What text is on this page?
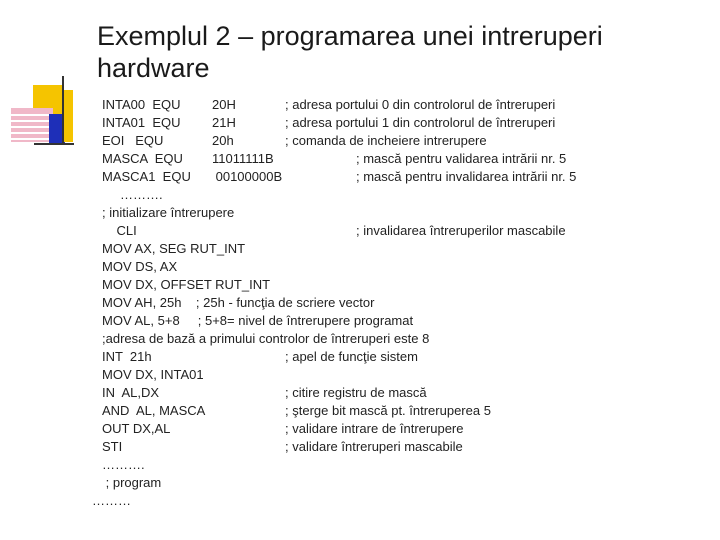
Exemplul 2 – programarea unei intreruperi hardware
INTA00  EQU 20H	; adresa portului 0 din controlorul de întreruperi
INTA01  EQU 21H	; adresa portului 1 din controlorul de întreruperi
EOI   EQU	20h	; comanda de incheiere intrerupere
MASCA  EQU 11011111B	; mască pentru validarea intrării nr. 5
MASCA1  EQU 00100000B	; mască pentru invalidarea intrării nr. 5
……….
; initializare întrerupere
CLI	; invalidarea întreruperilor mascabile
MOV AX, SEG RUT_INT
MOV DS, AX
MOV DX, OFFSET RUT_INT
MOV AH, 25h    ; 25h - funcţia de scriere vector
MOV AL, 5+8     ; 5+8= nivel de întrerupere programat
;adresa de bază a primului controlor de întreruperi este 8
INT  21h	; apel de funcţie sistem
MOV DX, INTA01
IN  AL,DX	; citire registru de mască
AND  AL, MASCA	; şterge bit mască pt. întreruperea 5
OUT DX,AL	; validare intrare de întrerupere
STI	; validare întreruperi mascabile
……….
; program
………
